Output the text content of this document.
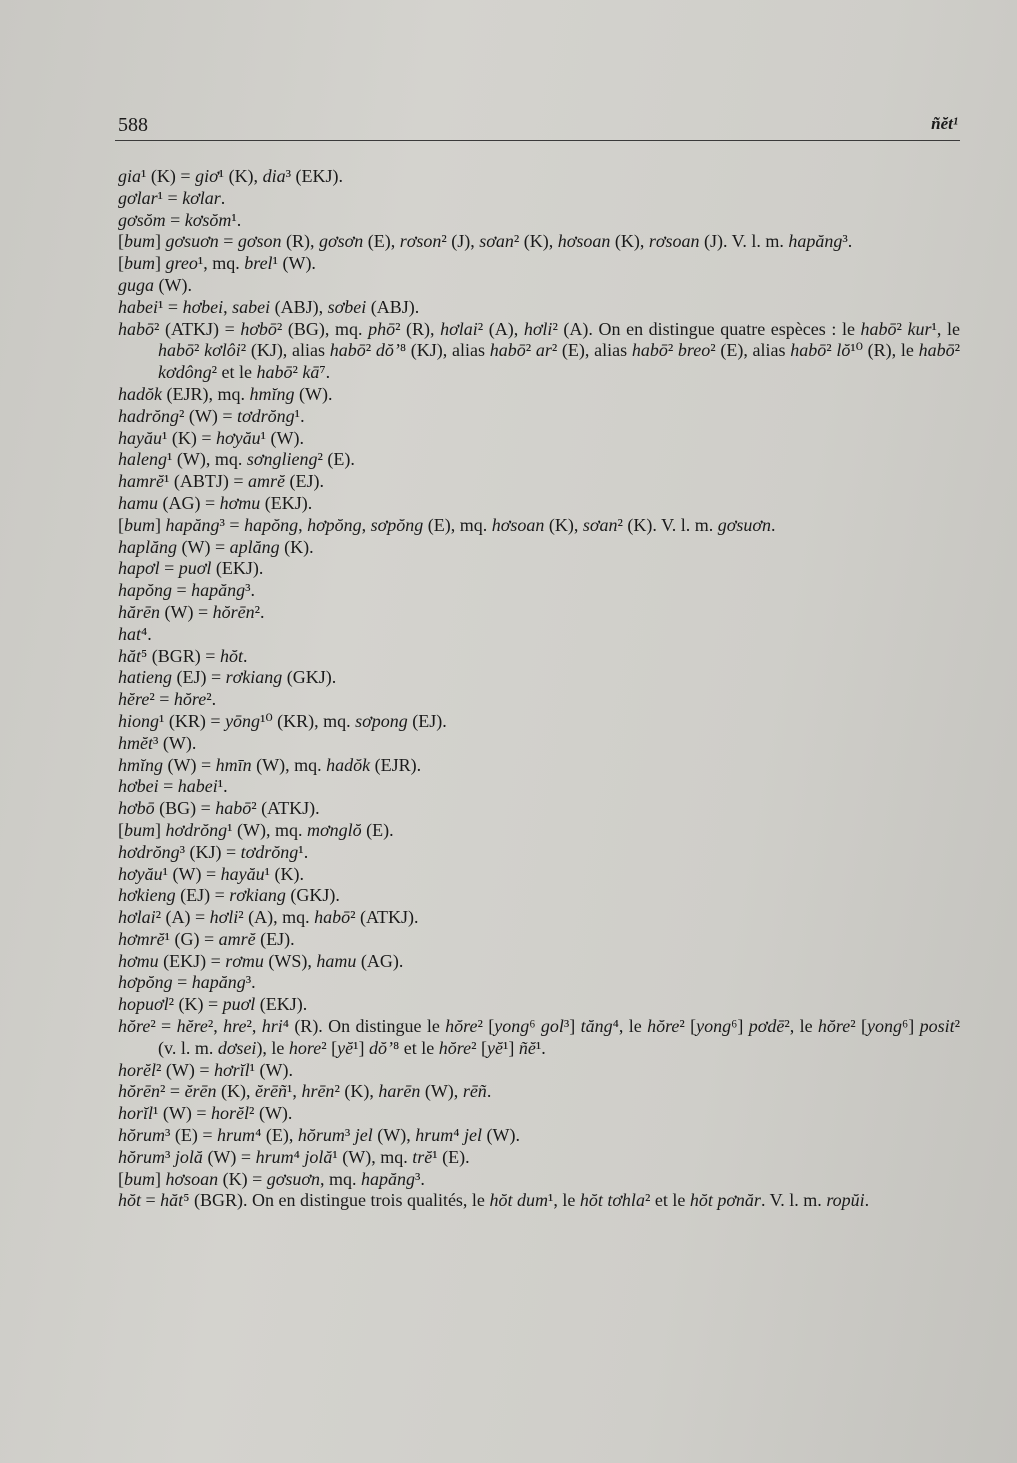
588	ñĕt¹

gia¹ (K) = giơ¹ (K), dia³ (EKJ).

gơlar¹ = kơlar.

gơsŏm = kơsŏm¹.

[bum] gơsuơn = gơson (R), gơsơn (E), rơson² (J), sơan² (K), hơsoan (K), rơsoan (J). V. l. m. hapăng³.

[bum] greo¹, mq. brel¹ (W).

guga (W).

habei¹ = hơbei, sabei (ABJ), sơbei (ABJ).

habō² (ATKJ) = hơbō² (BG), mq. phō² (R), hơlai² (A), hơli² (A). On en distingue quatre espèces : le habō² kur¹, le habō² kơlôi² (KJ), alias habō² dŏ’⁸ (KJ), alias habō² ar² (E), alias habō² breo² (E), alias habō² lŏ¹⁰ (R), le habō² kơdông² et le habō² kā⁷.

hadŏk (EJR), mq. hmĭng (W).

hadrŏng² (W) = tơdrŏng¹.

hayău¹ (K) = hơyău¹ (W).

haleng¹ (W), mq. sơnglieng² (E).

hamrĕ¹ (ABTJ) = amrĕ (EJ).

hamu (AG) = hơmu (EKJ).

[bum] hapăng³ = hapŏng, hơpŏng, sơpŏng (E), mq. hơsoan (K), sơan² (K). V. l. m. gơsuơn.

haplăng (W) = aplăng (K).

hapơl = puơl (EKJ).

hapŏng = hapăng³.

hărēn (W) = hŏrēn².

hat⁴.

hăt⁵ (BGR) = hŏt.

hatieng (EJ) = rơkiang (GKJ).

hĕre² = hŏre².

hiong¹ (KR) = yōng¹⁰ (KR), mq. sơpong (EJ).

hmĕt³ (W).

hmĭng (W) = hmīn (W), mq. hadŏk (EJR).

hơbei = habei¹.

hơbō (BG) = habō² (ATKJ).

[bum] hơdrŏng¹ (W), mq. mơnglŏ (E).

hơdrŏng³ (KJ) = tơdrŏng¹.

hơyău¹ (W) = hayău¹ (K).

hơkieng (EJ) = rơkiang (GKJ).

hơlai² (A) = hơli² (A), mq. habō² (ATKJ).

hơmrĕ¹ (G) = amrĕ (EJ).

hơmu (EKJ) = rơmu (WS), hamu (AG).

hơpŏng = hapăng³.

hopuơl² (K) = puơl (EKJ).

hŏre² = hĕre², hre², hri⁴ (R). On distingue le hŏre² [yong⁶ gol³] tăng⁴, le hŏre² [yong⁶] pơdē², le hŏre² [yong⁶] posit² (v. l. m. dơsei), le hore² [yĕ¹] dŏ’⁸ et le hŏre² [yĕ¹] ñĕ¹.

horĕl² (W) = hơrĭl¹ (W).

hŏrēn² = ĕrēn (K), ĕrēñ¹, hrēn² (K), harēn (W), rēñ.

horĭl¹ (W) = horĕl² (W).

hŏrum³ (E) = hrum⁴ (E), hŏrum³ jel (W), hrum⁴ jel (W).

hŏrum³ jolă (W) = hrum⁴ jolă¹ (W), mq. trĕ¹ (E).

[bum] hơsoan (K) = gơsuơn, mq. hapăng³.

hŏt = hăt⁵ (BGR). On en distingue trois qualités, le hŏt dum¹, le hŏt tơhla² et le hŏt pơnăr. V. l. m. ropŭi.
